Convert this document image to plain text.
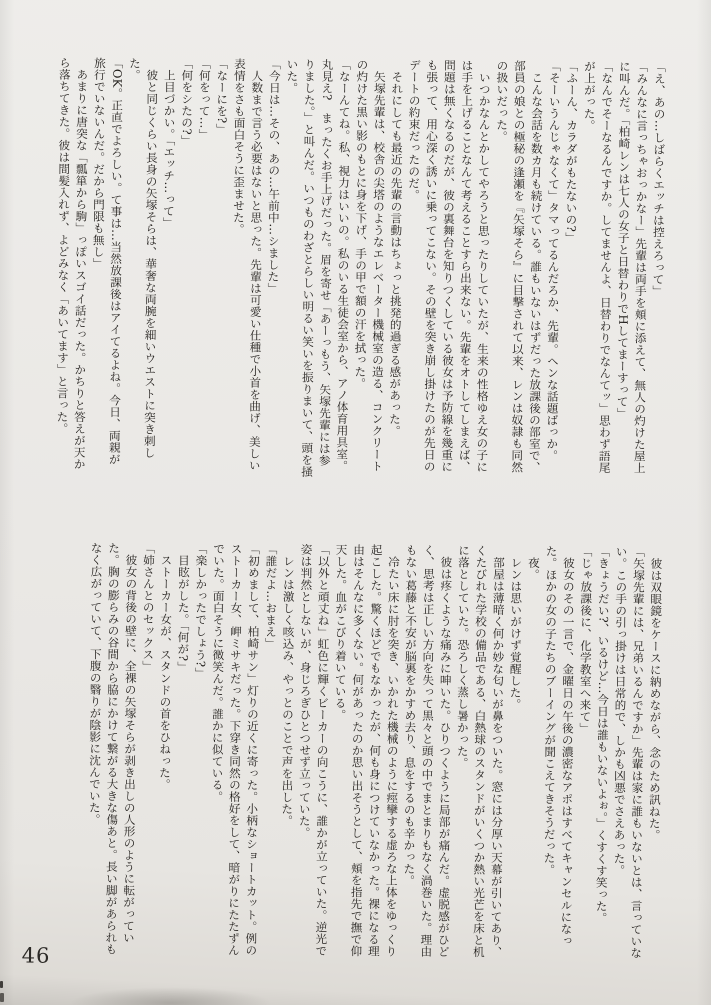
「え、あの…しばらくエッチは控えろって」

「みんなに言っちゃおっかなー」先輩は両手を頬に添えて、無人の灼けた屋上に叫んだ。「柏崎レンは七人の女子と日替わりでHしてまーすって」

「なんでそーなるんですか。してませんよ、日替わりでなんてッ」思わず語尾が上がった。

「ふーん、カラダがもたないの?」

「そーいうんじゃなくて」タマってるんだろか、先輩。ヘンな話題ばっか。

　こんな会話を数カ月も続けている。誰もいないはずだった放課後の部室で、部員の娘との極秘の逢瀬を『矢塚そら』に目撃されて以来、レンは奴隷も同然の扱いだった。

　いつかなんとかしてやろうと思ったりしていたが、生来の性格ゆえ女の子には手を上げることなんて考えることすら出来ない。先輩をオトしてしまえば、問題は無くなるのだが、彼の裏舞台を知りつくしている彼女は予防線を幾重にも張って、用心深く誘いに乗ってこない。その壁を突き崩し掛けたのが先日のデートの約束だったのだ。

　それにしても最近の先輩の言動はちょっと挑発的過ぎる感があった。

　矢塚先輩は、校舎の尖塔のようなエレベーター機械室の造る、コンクリートの灼けた黒い影のもとに身を下げ、手の甲で額の汗を拭った。

「なーんてね。私、視力はいいの。私のいる生徒会室から、アノ体育用具室。丸見え?　まったくお手上げだった。眉を寄せ「あーっもう、矢塚先輩には参りました。」と叫んだ。いつものわざとらしい明るい笑いを振りまいて、頭を掻いた。

「今日は…その、あの…午前中…シました」

　人数まで言う必要はないと思った。先輩は可愛い仕種で小首を曲げ、美しい表情をさも面白そうに歪ませた。

「なーにを?」

「何をって…」

「何をシたの?」

　上目づかい。「エッチ…って」

　彼と同じくらい長身の矢塚そらは、華奢な両腕を細いウエストに突き刺した。

「OK。正直でよろしい。て事は…当然放課後はアイてるよね。今日、両親が旅行でいないんだ。だから門限も無し」

　あまりに唐突な「瓢箪から駒」っぽいスゴイ話だった。かちりと答えが天から落ちてきた。彼は間髪入れず、よどみなく「あいてます」と言った。

　彼は双眼鏡をケースに納めながら、念のため訊ねた。

「矢塚先輩には、兄弟いるんですか」先輩は家に誰もいないとは、言っていない。この手の引っ掛けは日常的で、しかも凶悪でさえあった。

「きょうだい?、いるけど…今日は誰もいないよぉ。」くすくす笑った。

「じゃ放課後に、化学教室へ来て」

　彼女のその一言で、金曜日の午後の濃密なアポはすべてキャンセルになった。ほかの女の子たちのブーイングが聞こえてきそうだった。

　夜。

　レンは思いがけず覚醒した。

　部屋は薄暗く何か妙な匂いが鼻をついた。窓には分厚い天幕が引いてあり、くたびれた学校の備品である、白熱球のスタンドがいくつか熱い光芒を床と机に落としていた。恐ろしく蒸し暑かった。

　彼は疼くような痛みに呻いた。ひりつくように局部が痛んだ。虚脱感がひどく、思考は正しい方向を失って黒々と頭の中でまとまりもなく渦巻いた。理由もない葛藤と不安が脳裏をかすめ去り、息をするのも辛かった。

　冷たい床に肘を突き、いかれた機械のように痙攣する虚ろな上体をゆっくり起こした。驚くほどでもなかったが、何も身につけていなかった。裸になる理由はそんなに多くない。何があったのか思い出そうとして、頬を指先で撫で仰天した。血がこびり着いている。

「以外と頑丈ね」虹色に輝くビーカーの向こうに、誰かが立っていた。逆光で姿は判然としないが、身じろぎひとつせず立っていた。

　レンは激しく咳込み、やっとのことで声を出した。

「誰だよ…おまえ」

「初めまして、柏崎サン」灯りの近くに寄った。小柄なショートカット。例のストーカー女、岬ミサキだった。下穿き同然の格好をして、暗がりにたたずんでいた。面白そうに微笑んだ。誰かに似ている。

「楽しかったでしょう?」

　目眩がした。「何が?」

　ストーカー女が、スタンドの首をひねった。

「姉さんとのセックス」

　彼女の背後の壁に、全裸の矢塚そらが剥き出しの人形のように転がっていた。胸の膨らみの谷間から脇にかけて繋がる大きな傷あと。長い脚があられもなく広がっていて、下腹の翳りが陰影に沈んでいた。

46
